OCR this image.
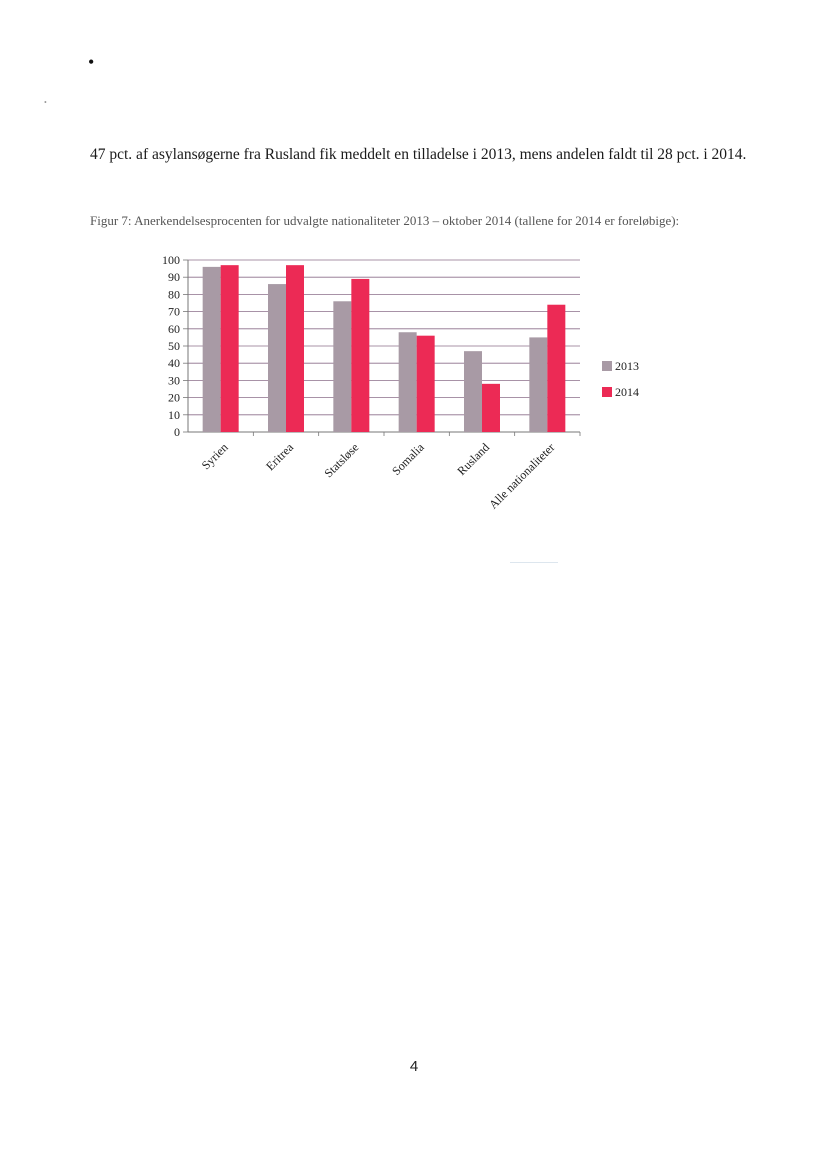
•
•

47 pct. af asylansøgerne fra Rusland fik meddelt en tilladelse i 2013, mens andelen faldt til 28 pct. i 2014.

Figur 7: Anerkendelsesprocenten for udvalgte nationaliteter 2013 – oktober 2014 (tallene for 2014 er foreløbige):
0
10
20
30
40
50
60
70
80
90
100
Syrien	Eritrea Statsløse Somalia Rusland
Alle nationaliteter
2013
2014
4
